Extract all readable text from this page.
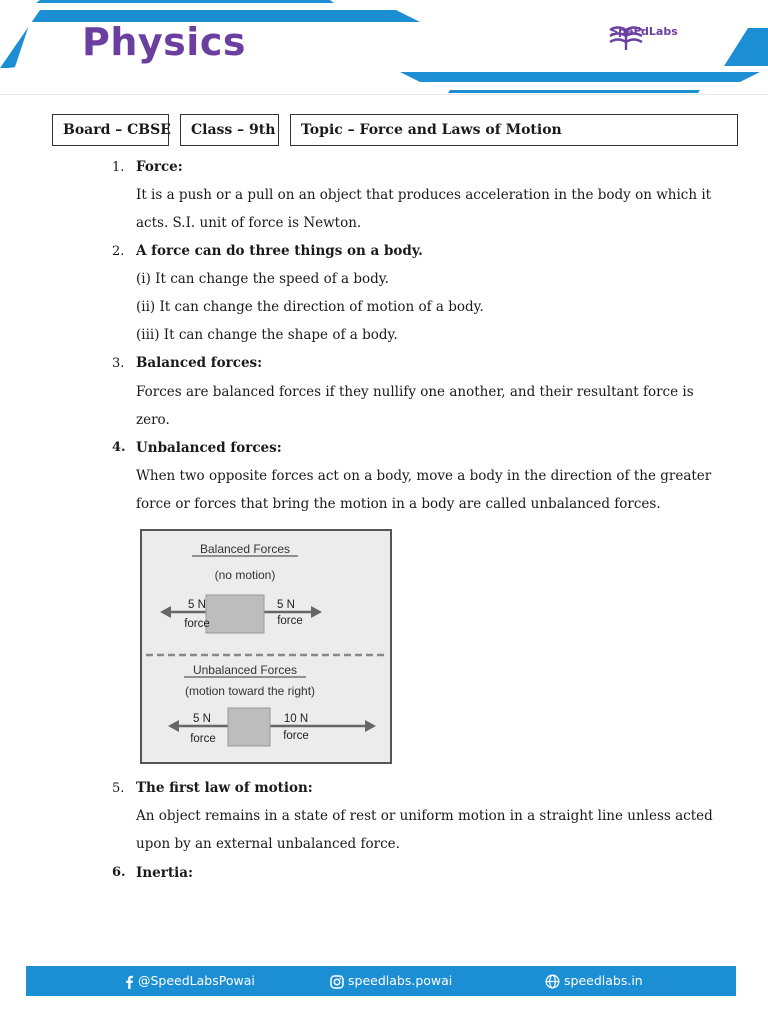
Physics	SpeEdLabs
Board – CBSE	Class – 9th	Topic – Force and Laws of Motion
1. Force:
It is a push or a pull on an object that produces acceleration in the body on which it
acts. S.I. unit of force is Newton.
2. A force can do three things on a body.
(i) It can change the speed of a body.
(ii) It can change the direction of motion of a body.
(iii) It can change the shape of a body.
3. Balanced forces:
Forces are balanced forces if they nullify one another, and their resultant force is
zero.
4. Unbalanced forces:
When two opposite forces act on a body, move a body in the direction of the greater
force or forces that bring the motion in a body are called unbalanced forces.
Balanced Forces
(no motion)
5 N
force
5 N
force
Unbalanced Forces
(motion toward the right)
5 N
force
10 N
force
5. The first law of motion:
An object remains in a state of rest or uniform motion in a straight line unless acted
upon by an external unbalanced force.
6. Inertia:
@SpeedLabsPowai	speedlabs.powai	speedlabs.in
